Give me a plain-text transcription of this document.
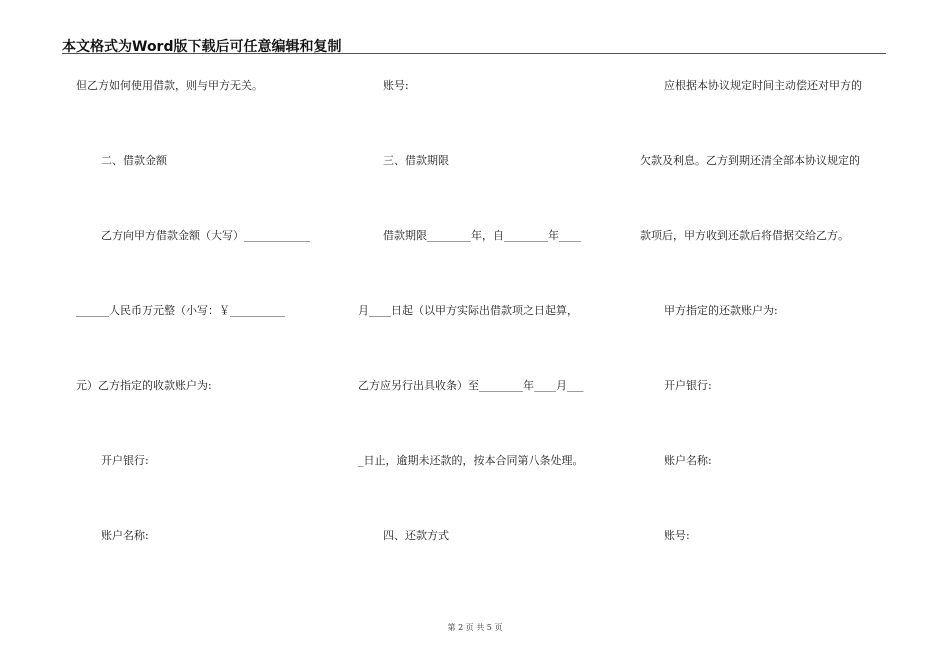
本文格式为Word版下载后可任意编辑和复制
但乙方如何使用借款，则与甲方无关。
二、借款金额
乙方向甲方借款金额（大写）____________
______人民币万元整（小写：￥__________
元）乙方指定的收款账户为:
开户银行:
账户名称:
账号:
三、借款期限
借款期限________年，自________年____
月____日起（以甲方实际出借款项之日起算，
乙方应另行出具收条）至________年____月___
_日止，逾期未还款的，按本合同第八条处理。
四、还款方式
应根据本协议规定时间主动偿还对甲方的
欠款及利息。乙方到期还清全部本协议规定的
款项后，甲方收到还款后将借据交给乙方。
甲方指定的还款账户为:
开户银行:
账户名称:
账号:
第 2 页 共 5 页
